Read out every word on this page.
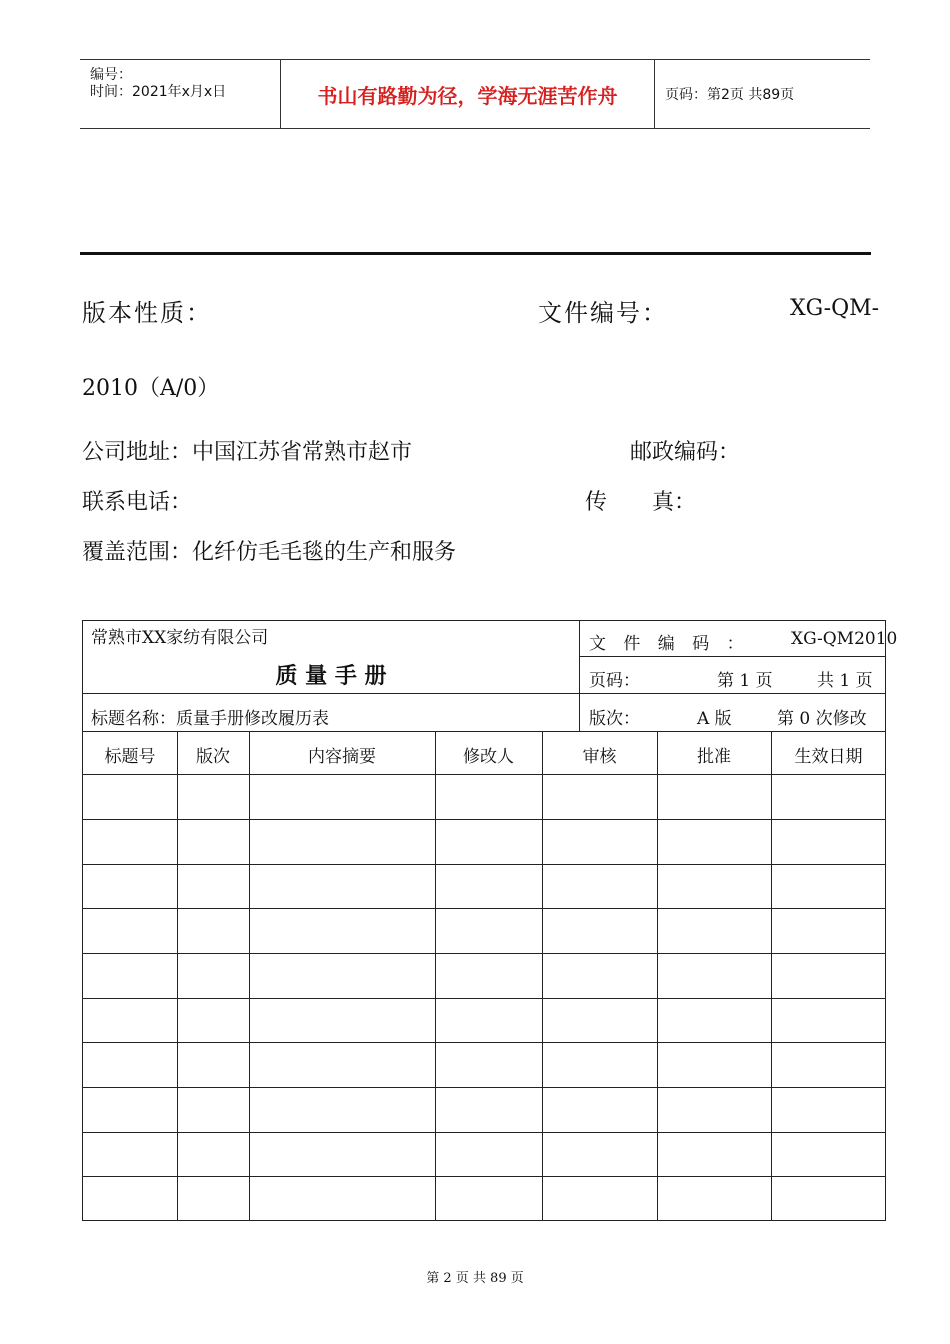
编号：
时间：2021年x月x日	书山有路勤为径，学海无涯苦作舟	页码：第2页 共89页
版本性质：	文件编号：	XG-QM-
2010（A/0）
公司地址：中国江苏省常熟市赵市	邮政编码：
联系电话：	传 真：
覆盖范围：化纤仿毛毛毯的生产和服务
常熟市XX家纺有限公司
质 量 手 册
文 件 编 码 ： XG-QM2010
页码：	第 1 页	共 1 页
标题名称：质量手册修改履历表	版次：	A 版	第 0 次修改
标题号	版次	内容摘要	修改人	审核	批准	生效日期
第 2 页 共 89 页
